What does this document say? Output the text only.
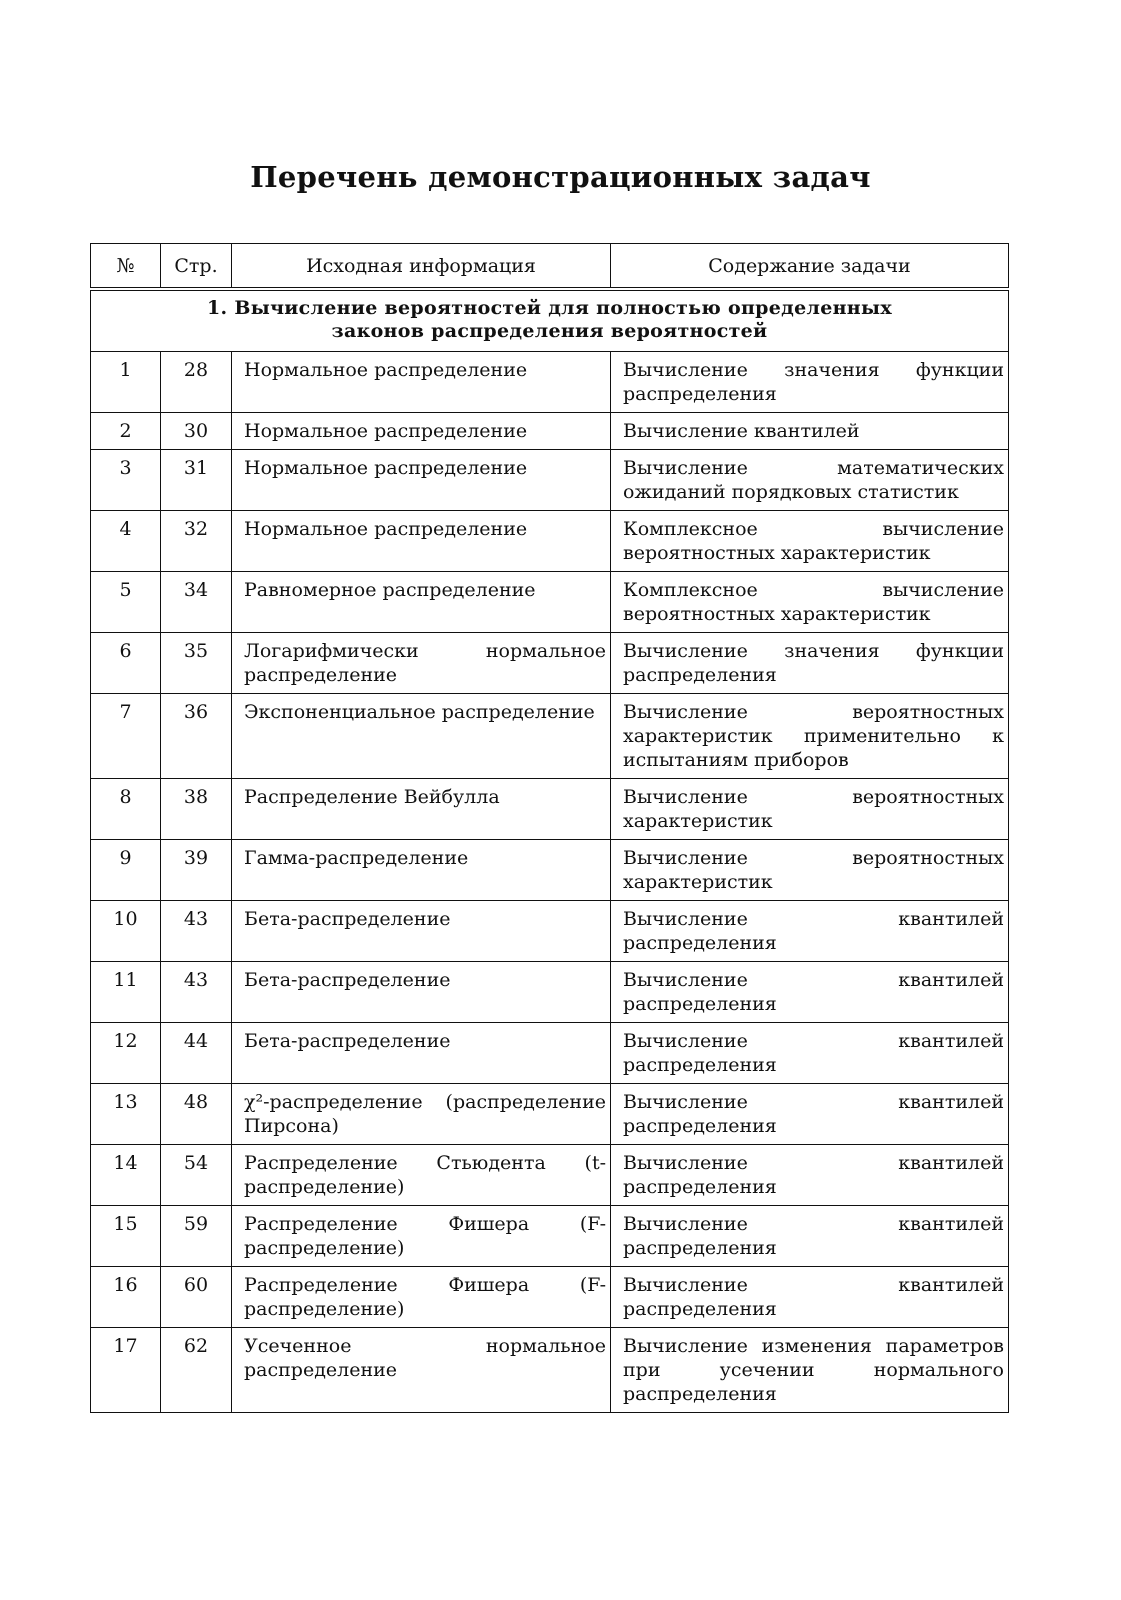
Перечень демонстрационных задач
№	Стр.	Исходная информация	Содержание задачи

1. Вычисление вероятностей для полностью определенных
законов распределения вероятностей			

1	28	Нормальное распределение	Вычисление значения функции распределения
2	30	Нормальное распределение	Вычисление квантилей
3	31	Нормальное распределение	Вычисление математических ожиданий порядковых статистик
4	32	Нормальное распределение	Комплексное вычисление вероятностных характеристик
5	34	Равномерное распределение	Комплексное вычисление вероятностных характеристик
6	35	Логарифмически нормальное распределение	Вычисление значения функции распределения
7	36	Экспоненциальное распределение	Вычисление вероятностных характеристик применительно к испытаниям приборов
8	38	Распределение Вейбулла	Вычисление вероятностных характеристик
9	39	Гамма-распределение	Вычисление вероятностных характеристик
10	43	Бета-распределение	Вычисление квантилей распределения
11	43	Бета-распределение	Вычисление квантилей распределения
12	44	Бета-распределение	Вычисление квантилей распределения
13	48	χ²-распределение (распределение Пирсона)	Вычисление квантилей распределения
14	54	Распределение Стьюдента (t-распределение)	Вычисление квантилей распределения
15	59	Распределение Фишера (F-распределение)	Вычисление квантилей распределения
16	60	Распределение Фишера (F-распределение)	Вычисление квантилей распределения
17	62	Усеченное нормальное распределение	Вычисление изменения параметров при усечении нормального распределения
